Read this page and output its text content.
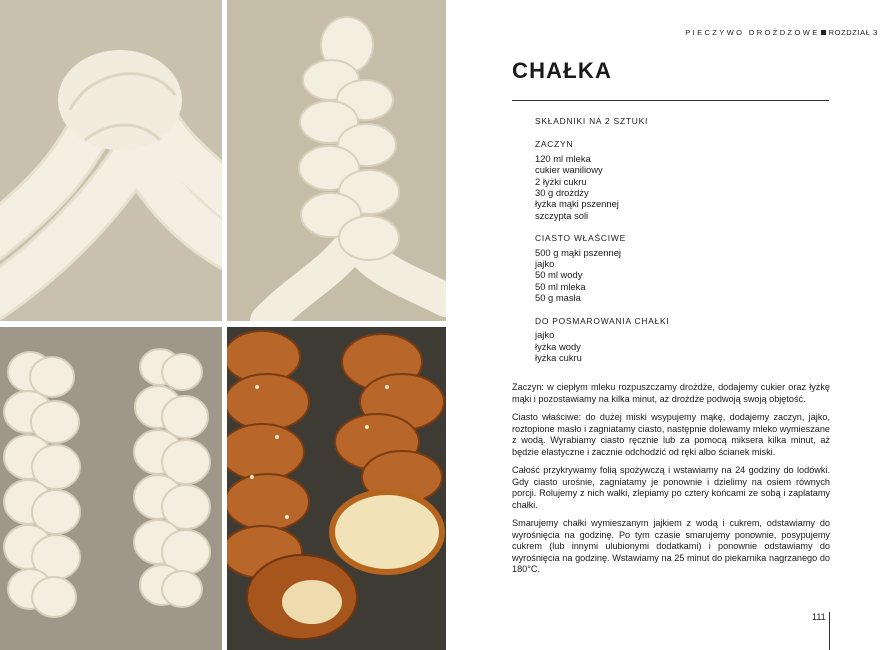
PIECZYWO DROŻDŻOWE ROZDZIAŁ 3
CHAŁKA
SKŁADNIKI NA 2 SZTUKI
ZACZYN
120 ml mleka
cukier waniliowy
2 łyżki cukru
30 g drożdży
łyżka mąki pszennej
szczypta soli
CIASTO WŁAŚCIWE
500 g mąki pszennej
jajko
50 ml wody
50 ml mleka
50 g masła
DO POSMAROWANIA CHAŁKI
jajko
łyżka wody
łyżka cukru

Zaczyn: w ciepłym mleku rozpuszczamy drożdże, dodajemy cukier oraz łyżkę mąki i pozostawiamy na kilka minut, aż drożdże podwoją swoją objętość.

Ciasto właściwe: do dużej miski wsypujemy mąkę, dodajemy zaczyn, jajko, roztopione masło i zagniatamy ciasto, następnie dolewamy mleko wymieszane z wodą. Wyrabiamy ciasto ręcznie lub za pomocą miksera kilka minut, aż będzie elastyczne i zacznie odchodzić od ręki albo ścianek miski.

Całość przykrywamy folią spożywczą i wstawiamy na 24 godziny do lodówki. Gdy ciasto urośnie, zagniatamy je ponownie i dzielimy na osiem równych porcji. Rolujemy z nich wałki, zlepiamy po cztery końcami ze sobą i zaplatamy chałki.

Smarujemy chałki wymieszanym jajkiem z wodą i cukrem, odstawiamy do wyrośnięcia na godzinę. Po tym czasie smarujemy ponownie, posypujemy cukrem (lub innymi ulubionymi dodatkami) i ponownie odstawiamy do wyrośnięcia na godzinę. Wstawiamy na 25 minut do piekarnika nagrzanego do 180°C.

111
